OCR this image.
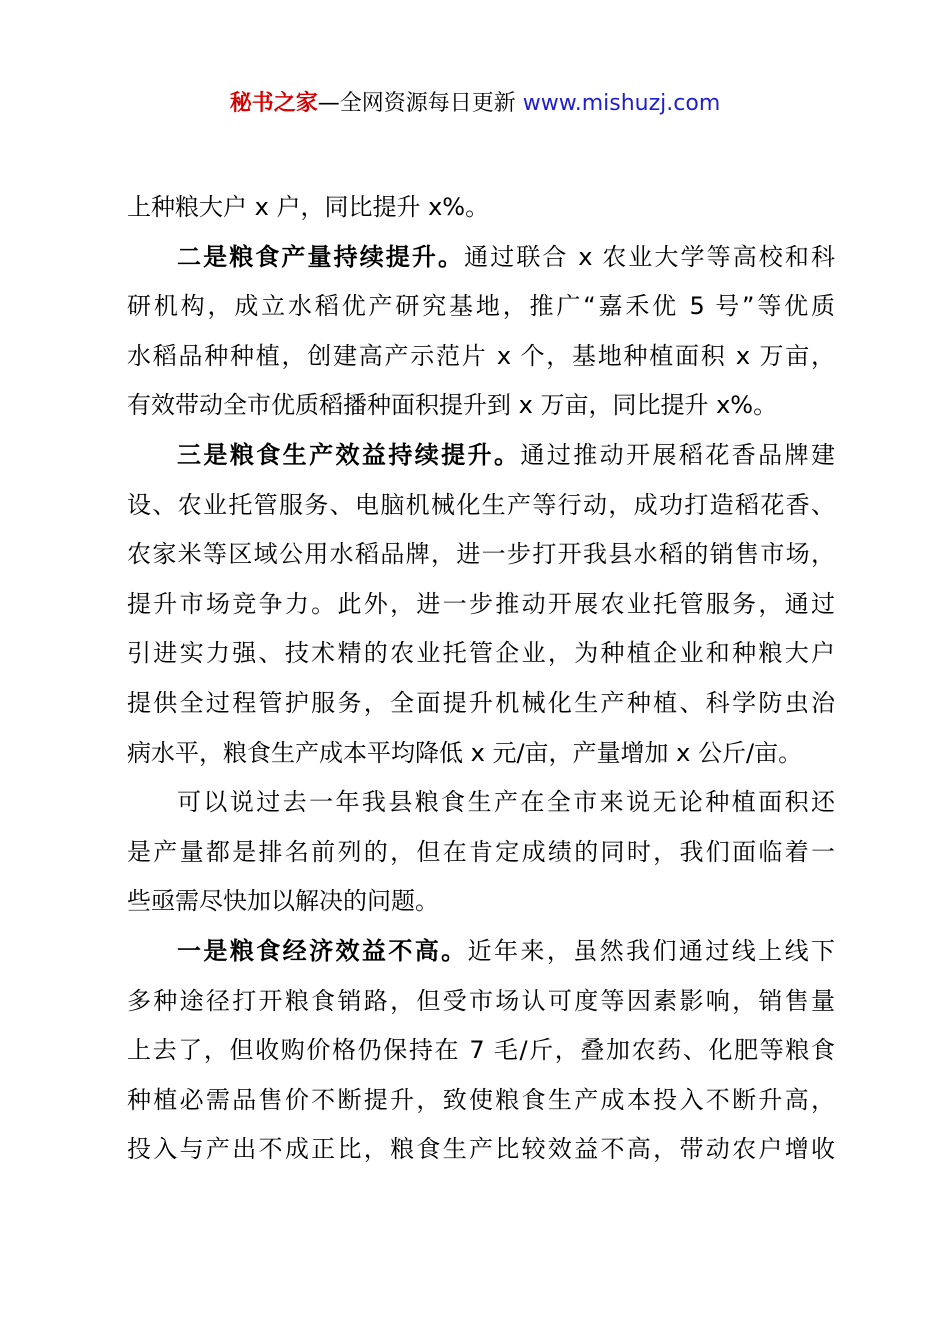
秘书之家—全网资源每日更新 www.mishuzj.com
上种粮大户 x 户，同比提升 x%。
二是粮食产量持续提升。通过联合 x 农业大学等高校和科
研机构，成立水稻优产研究基地，推广“嘉禾优 5 号”等优质
水稻品种种植，创建高产示范片 x 个，基地种植面积 x 万亩，
有效带动全市优质稻播种面积提升到 x 万亩，同比提升 x%。
三是粮食生产效益持续提升。通过推动开展稻花香品牌建
设、农业托管服务、电脑机械化生产等行动，成功打造稻花香、
农家米等区域公用水稻品牌，进一步打开我县水稻的销售市场，
提升市场竞争力。此外，进一步推动开展农业托管服务，通过
引进实力强、技术精的农业托管企业，为种植企业和种粮大户
提供全过程管护服务，全面提升机械化生产种植、科学防虫治
病水平，粮食生产成本平均降低 x 元/亩，产量增加 x 公斤/亩。
可以说过去一年我县粮食生产在全市来说无论种植面积还
是产量都是排名前列的，但在肯定成绩的同时，我们面临着一
些亟需尽快加以解决的问题。
一是粮食经济效益不高。近年来，虽然我们通过线上线下
多种途径打开粮食销路，但受市场认可度等因素影响，销售量
上去了，但收购价格仍保持在 7 毛/斤，叠加农药、化肥等粮食
种植必需品售价不断提升，致使粮食生产成本投入不断升高，
投入与产出不成正比，粮食生产比较效益不高，带动农户增收
